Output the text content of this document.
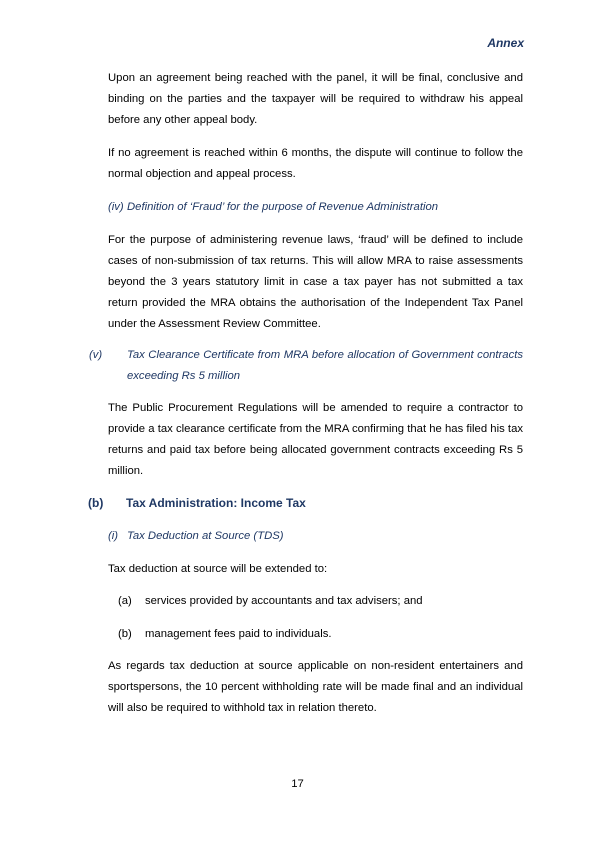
Annex

Upon an agreement being reached with the panel, it will be final, conclusive and binding on the parties and the taxpayer will be required to withdraw his appeal before any other appeal body.

If no agreement is reached within 6 months, the dispute will continue to follow the normal objection and appeal process.

(iv) Definition of ‘Fraud’ for the purpose of Revenue Administration

For the purpose of administering revenue laws, ‘fraud’ will be defined to include cases of non-submission of tax returns. This will allow MRA to raise assessments beyond the 3 years statutory limit in case a tax payer has not submitted a tax return provided the MRA obtains the authorisation of the Independent Tax Panel under the Assessment Review Committee.

(v) Tax Clearance Certificate from MRA before allocation of Government contracts exceeding Rs 5 million

The Public Procurement Regulations will be amended to require a contractor to provide a tax clearance certificate from the MRA confirming that he has filed his tax returns and paid tax before being allocated government contracts exceeding Rs 5 million.

(b) Tax Administration: Income Tax

(i) Tax Deduction at Source (TDS)

Tax deduction at source will be extended to:

(a) services provided by accountants and tax advisers; and
(b) management fees paid to individuals.

As regards tax deduction at source applicable on non-resident entertainers and sportspersons, the 10 percent withholding rate will be made final and an individual will also be required to withhold tax in relation thereto.

17
